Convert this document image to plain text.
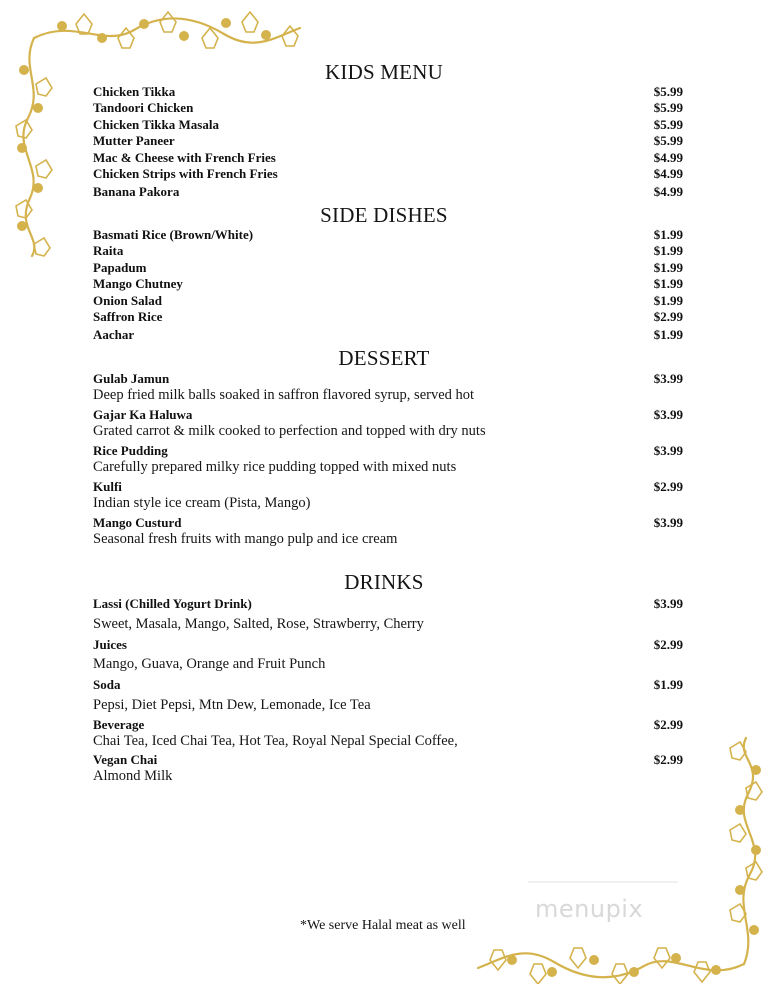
KIDS MENU
Chicken Tikka	$5.99
Tandoori Chicken	$5.99
Chicken Tikka Masala	$5.99
Mutter Paneer	$5.99
Mac & Cheese with French Fries	$4.99
Chicken Strips with French Fries	$4.99
Banana Pakora	$4.99
SIDE DISHES
Basmati Rice (Brown/White)	$1.99
Raita	$1.99
Papadum	$1.99
Mango Chutney	$1.99
Onion Salad	$1.99
Saffron Rice	$2.99
Aachar	$1.99
DESSERT
Gulab Jamun	$3.99
Deep fried milk balls soaked in saffron flavored syrup, served hot
Gajar Ka Haluwa	$3.99
Grated carrot & milk cooked to perfection and topped with dry nuts
Rice Pudding	$3.99
Carefully prepared milky rice pudding topped with mixed nuts
Kulfi	$2.99
Indian style ice cream (Pista, Mango)
Mango Custurd	$3.99
Seasonal fresh fruits with mango pulp and ice cream
DRINKS
Lassi (Chilled Yogurt Drink)	$3.99
Sweet, Masala, Mango, Salted, Rose, Strawberry, Cherry
Juices	$2.99
Mango, Guava, Orange and Fruit Punch
Soda	$1.99
Pepsi, Diet Pepsi, Mtn Dew, Lemonade, Ice Tea
Beverage	$2.99
Chai Tea, Iced Chai Tea, Hot Tea, Royal Nepal Special Coffee,
Vegan Chai	$2.99
Almond Milk
menupix
*We serve Halal meat as well
